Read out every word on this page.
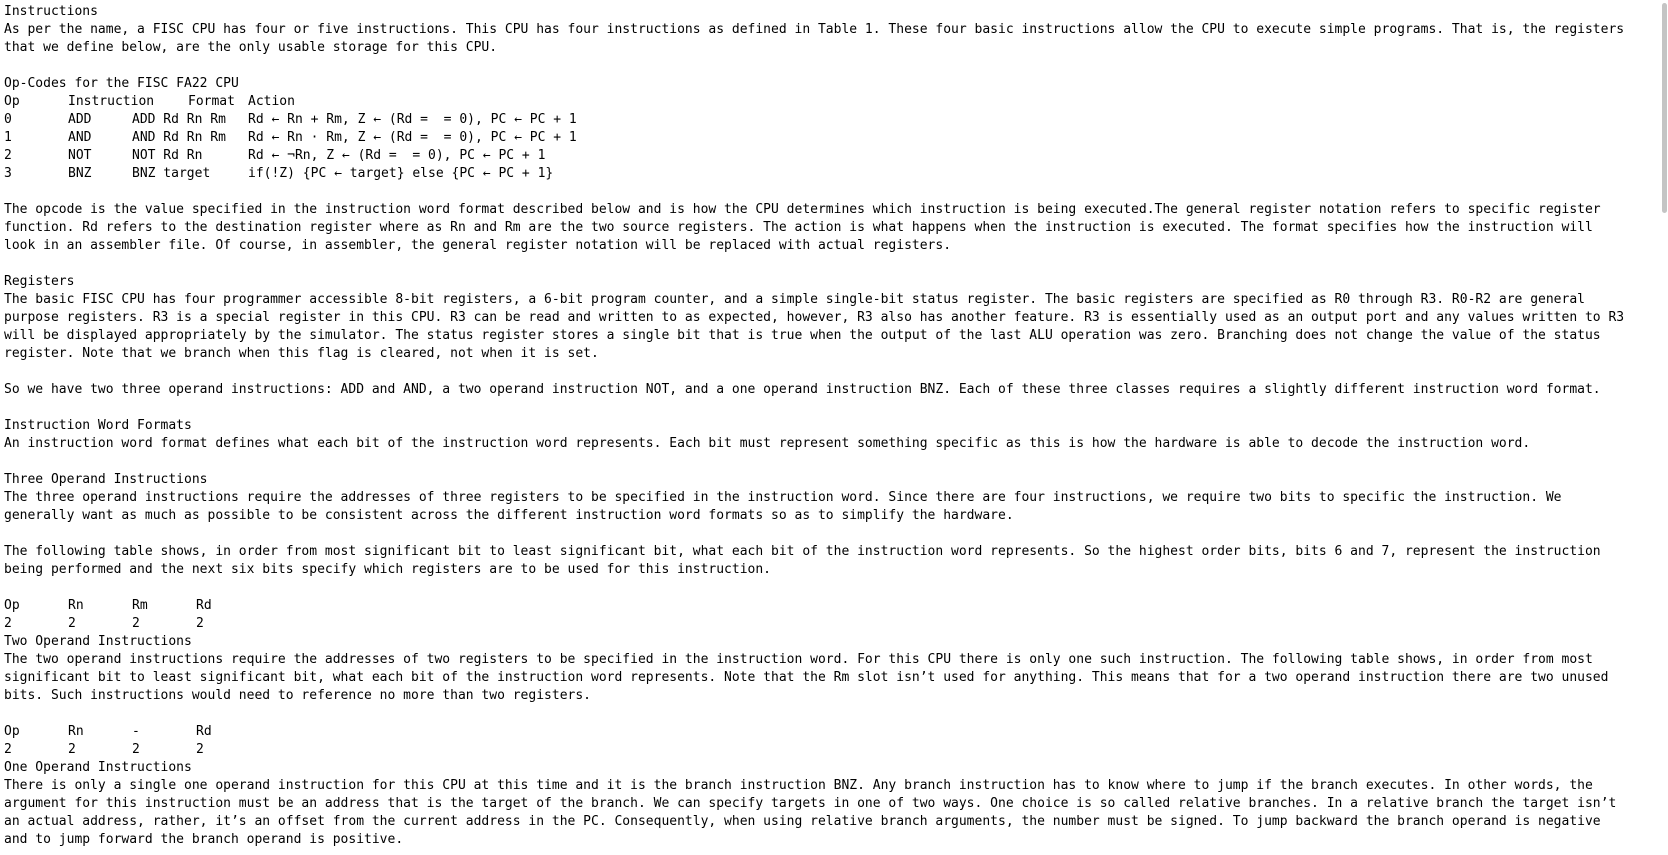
Instructions
As per the name, a FISC CPU has four or five instructions. This CPU has four instructions as defined in Table 1. These four basic instructions allow the CPU to execute simple programs. That is, the registers
that we define below, are the only usable storage for this CPU.
Op-Codes for the FISC FA22 CPU
Op	Instruction	Format	Action
0	ADD	ADD Rd Rn Rm	Rd ← Rn + Rm, Z ← (Rd =  = 0), PC ← PC + 1
1	AND	AND Rd Rn Rm	Rd ← Rn · Rm, Z ← (Rd =  = 0), PC ← PC + 1
2	NOT	NOT Rd Rn	Rd ← ¬Rn, Z ← (Rd =  = 0), PC ← PC + 1
3	BNZ	BNZ target	if(!Z) {PC ← target} else {PC ← PC + 1}
The opcode is the value specified in the instruction word format described below and is how the CPU determines which instruction is being executed.The general register notation refers to specific register
function. Rd refers to the destination register where as Rn and Rm are the two source registers. The action is what happens when the instruction is executed. The format specifies how the instruction will
look in an assembler file. Of course, in assembler, the general register notation will be replaced with actual registers.
Registers
The basic FISC CPU has four programmer accessible 8-bit registers, a 6-bit program counter, and a simple single-bit status register. The basic registers are specified as R0 through R3. R0-R2 are general
purpose registers. R3 is a special register in this CPU. R3 can be read and written to as expected, however, R3 also has another feature. R3 is essentially used as an output port and any values written to R3
will be displayed appropriately by the simulator. The status register stores a single bit that is true when the output of the last ALU operation was zero. Branching does not change the value of the status
register. Note that we branch when this flag is cleared, not when it is set.
So we have two three operand instructions: ADD and AND, a two operand instruction NOT, and a one operand instruction BNZ. Each of these three classes requires a slightly different instruction word format.
Instruction Word Formats
An instruction word format defines what each bit of the instruction word represents. Each bit must represent something specific as this is how the hardware is able to decode the instruction word.
Three Operand Instructions
The three operand instructions require the addresses of three registers to be specified in the instruction word. Since there are four instructions, we require two bits to specific the instruction. We
generally want as much as possible to be consistent across the different instruction word formats so as to simplify the hardware.
The following table shows, in order from most significant bit to least significant bit, what each bit of the instruction word represents. So the highest order bits, bits 6 and 7, represent the instruction
being performed and the next six bits specify which registers are to be used for this instruction.
Op	Rn	Rm	Rd
2	2	2	2
Two Operand Instructions
The two operand instructions require the addresses of two registers to be specified in the instruction word. For this CPU there is only one such instruction. The following table shows, in order from most
significant bit to least significant bit, what each bit of the instruction word represents. Note that the Rm slot isn’t used for anything. This means that for a two operand instruction there are two unused
bits. Such instructions would need to reference no more than two registers.
Op	Rn	-	Rd
2	2	2	2
One Operand Instructions
There is only a single one operand instruction for this CPU at this time and it is the branch instruction BNZ. Any branch instruction has to know where to jump if the branch executes. In other words, the
argument for this instruction must be an address that is the target of the branch. We can specify targets in one of two ways. One choice is so called relative branches. In a relative branch the target isn’t
an actual address, rather, it’s an offset from the current address in the PC. Consequently, when using relative branch arguments, the number must be signed. To jump backward the branch operand is negative
and to jump forward the branch operand is positive.
